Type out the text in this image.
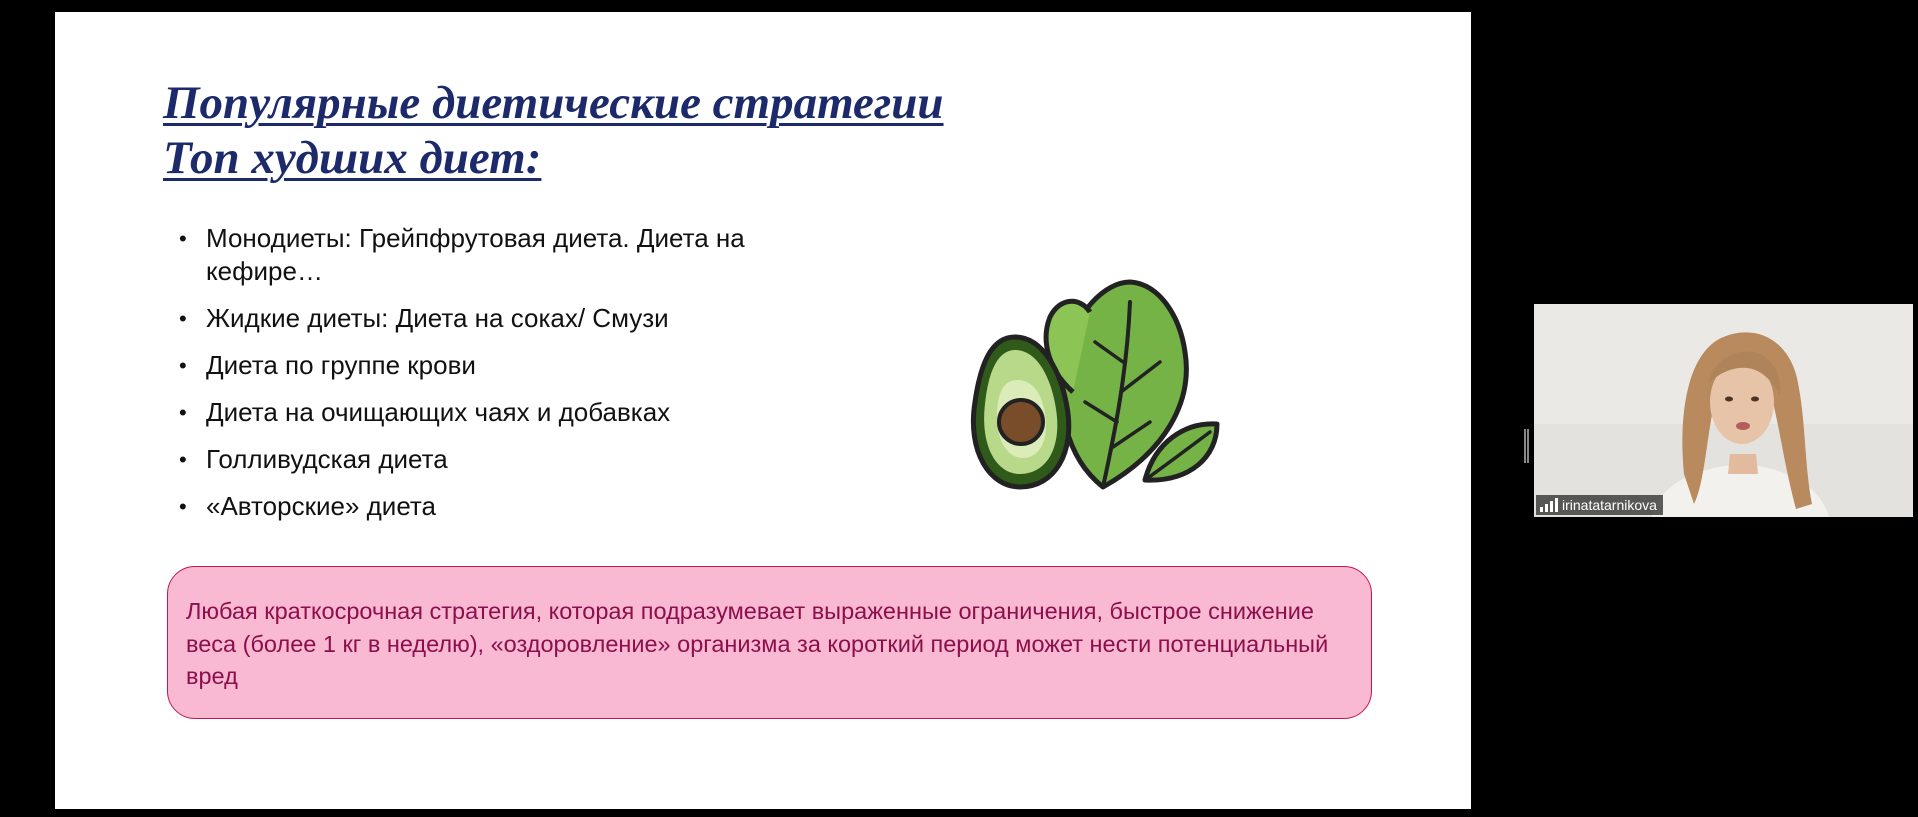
Популярные диетические стратегии
Топ худших диет:
• Монодиеты: Грейпфрутовая диета. Диета на кефире…
• Жидкие диеты: Диета на соках/ Смузи
• Диета по группе крови
• Диета на очищающих чаях и добавках
• Голливудская диета
• «Авторские» диета
Любая краткосрочная стратегия, которая подразумевает выраженные ограничения, быстрое снижение веса (более 1 кг в неделю), «оздоровление» организма за короткий период может нести потенциальный вред
irinatatarnikova
